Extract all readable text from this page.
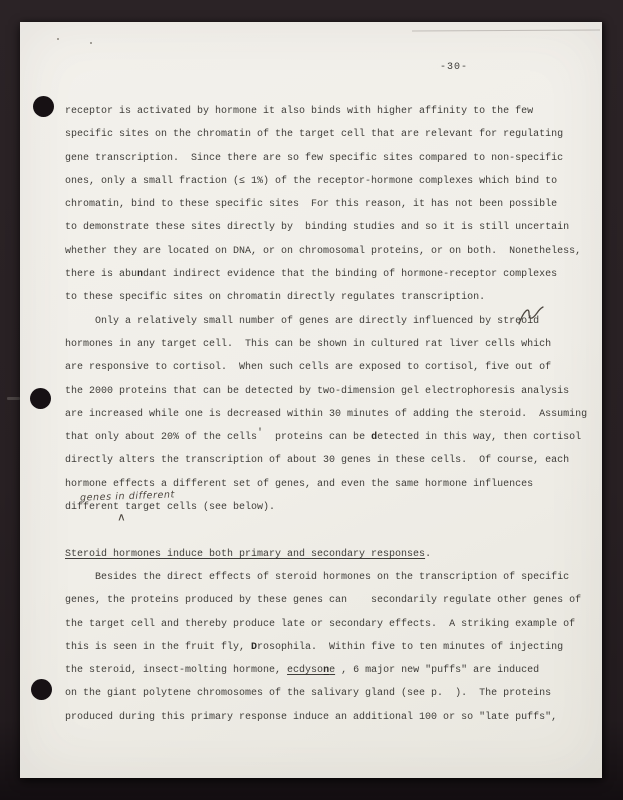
-30-
receptor is activated by hormone it also binds with higher affinity to the few
specific sites on the chromatin of the target cell that are relevant for regulating
gene transcription.  Since there are so few specific sites compared to non-specific
ones, only a small fraction (≤ 1%) of the receptor-hormone complexes which bind to
chromatin, bind to these specific sites  For this reason, it has not been possible
to demonstrate these sites directly by  binding studies and so it is still uncertain
whether they are located on DNA, or on chromosomal proteins, or on both.  Nonetheless,
there is abundant indirect evidence that the binding of hormone-receptor complexes
to these specific sites on chromatin directly regulates transcription.
Only a relatively small number of genes are directly influenced by streoid
hormones in any target cell.  This can be shown in cultured rat liver cells which
are responsive to cortisol.  When such cells are exposed to cortisol, five out of
the 2000 proteins that can be detected by two-dimension gel electrophoresis analysis
are increased while one is decreased within 30 minutes of adding the steroid.  Assuming
that only about 20% of the cells'  proteins can be detected in this way, then cortisol
directly alters the transcription of about 30 genes in these cells.  Of course, each
hormone effects a different set of genes, and even the same hormone influences
different target cells (see below).
Steroid hormones induce both primary and secondary responses.
Besides the direct effects of steroid hormones on the transcription of specific
genes, the proteins produced by these genes can    secondarily regulate other genes of
the target cell and thereby produce late or secondary effects.  A striking example of
this is seen in the fruit fly, Drosophila.  Within five to ten minutes of injecting
the steroid, insect-molting hormone, ecdysone , 6 major new "puffs" are induced
on the giant polytene chromosomes of the salivary gland (see p.  ).  The proteins
produced during this primary response induce an additional 100 or so "late puffs",
genes in different
∧
